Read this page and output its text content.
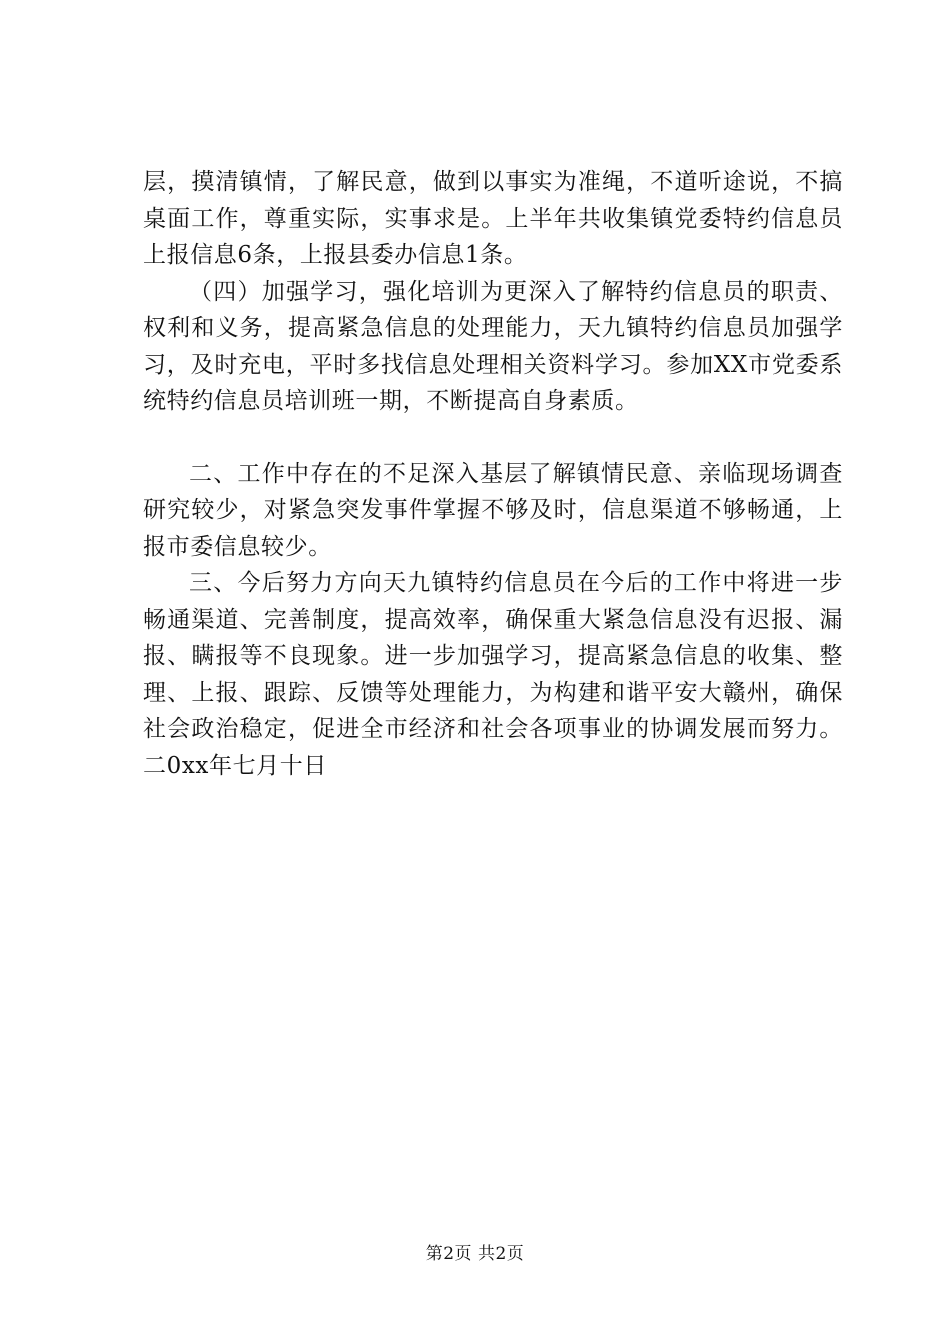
层，摸清镇情，了解民意，做到以事实为准绳，不道听途说，不搞桌面工作，尊重实际，实事求是。上半年共收集镇党委特约信息员上报信息6条，上报县委办信息1条。

（四）加强学习，强化培训为更深入了解特约信息员的职责、权利和义务，提高紧急信息的处理能力，天九镇特约信息员加强学习，及时充电，平时多找信息处理相关资料学习。参加XX市党委系统特约信息员培训班一期，不断提高自身素质。

二、工作中存在的不足深入基层了解镇情民意、亲临现场调查研究较少，对紧急突发事件掌握不够及时，信息渠道不够畅通，上报市委信息较少。

三、今后努力方向天九镇特约信息员在今后的工作中将进一步畅通渠道、完善制度，提高效率，确保重大紧急信息没有迟报、漏报、瞒报等不良现象。进一步加强学习，提高紧急信息的收集、整理、上报、跟踪、反馈等处理能力，为构建和谐平安大赣州，确保社会政治稳定，促进全市经济和社会各项事业的协调发展而努力。二0xx年七月十日

第2页 共2页
